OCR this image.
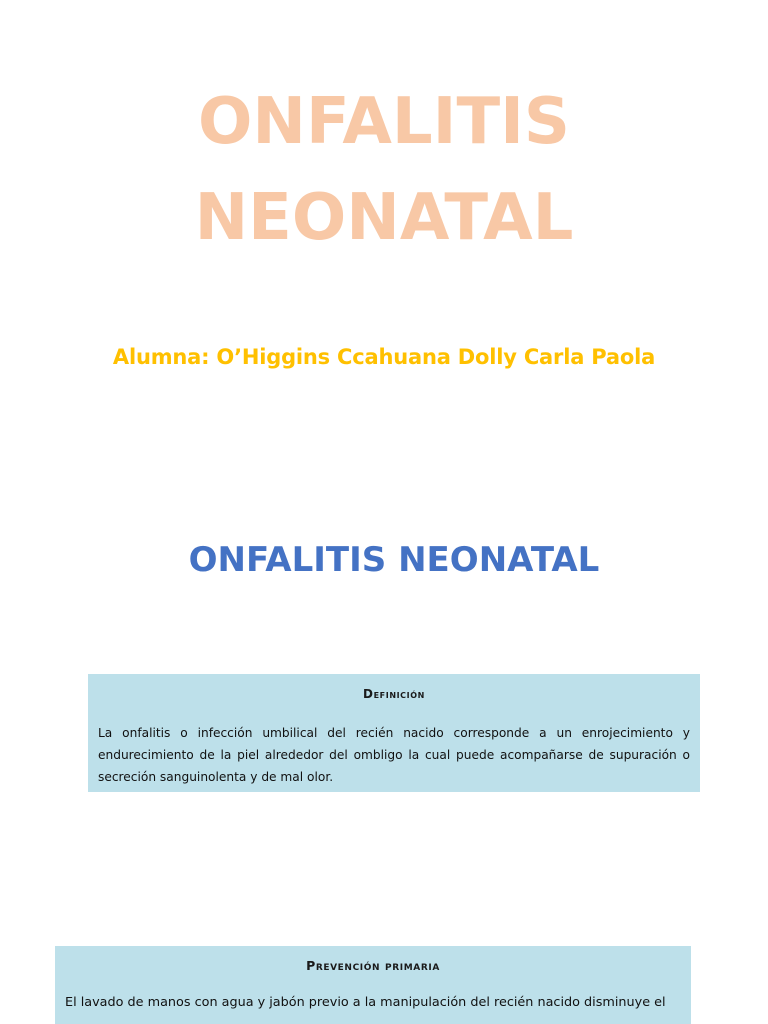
ONFALITIS
NEONATAL

Alumna: O’Higgins Ccahuana Dolly Carla Paola

ONFALITIS NEONATAL
Definición

La onfalitis o infección umbilical del recién nacido corresponde a un enrojecimiento y endurecimiento de la piel alrededor del ombligo la cual puede acompañarse de supuración o secreción sanguinolenta y de mal olor.

Prevención primaria

El lavado de manos con agua y jabón previo a la manipulación del recién nacido disminuye el
